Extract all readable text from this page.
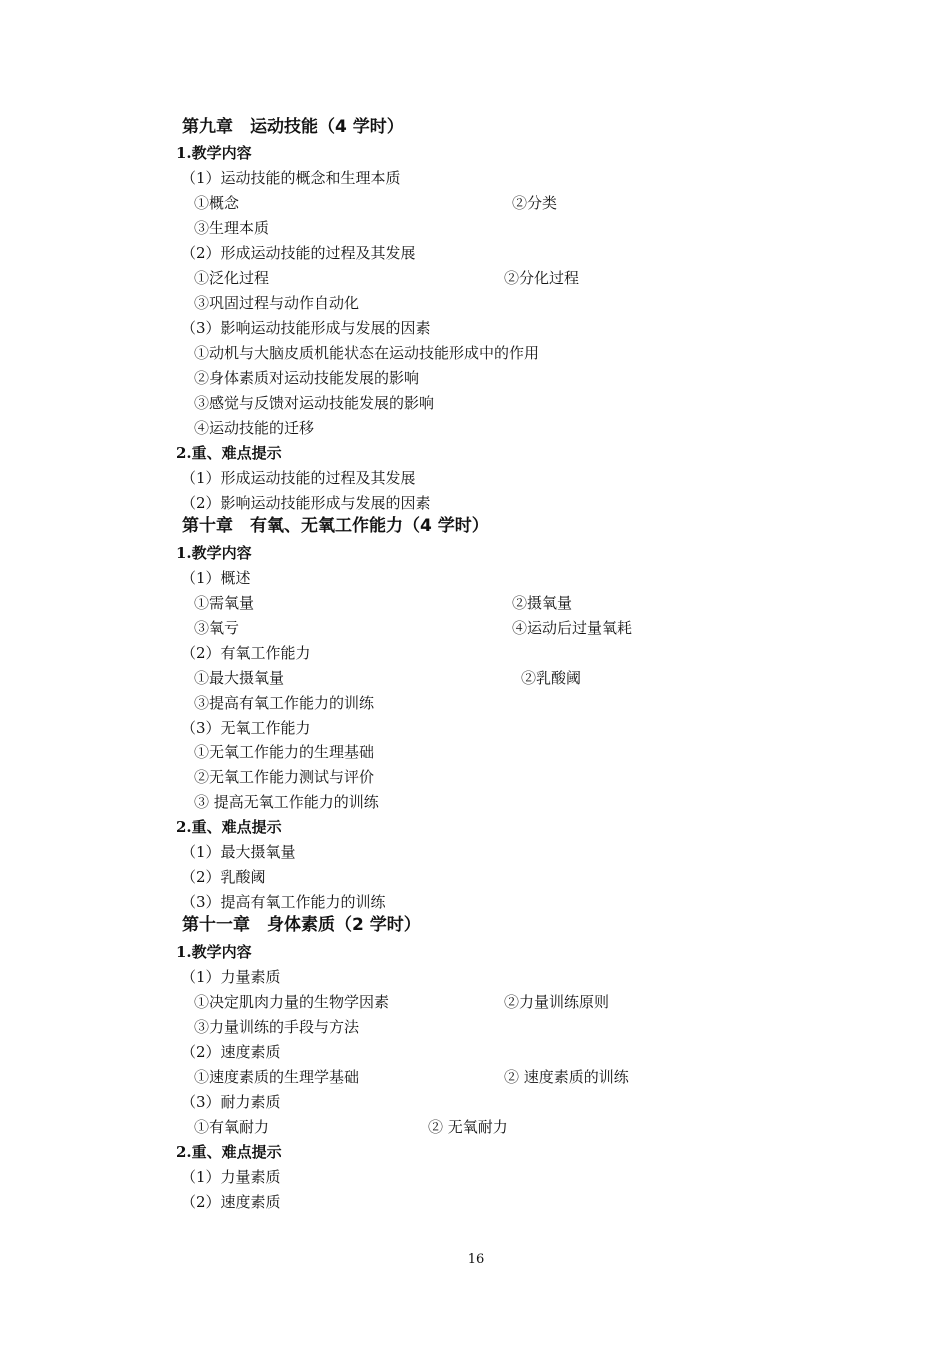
第九章　运动技能（4 学时）
1.教学内容
（1）运动技能的概念和生理本质
①概念	②分类
③生理本质
（2）形成运动技能的过程及其发展
①泛化过程	②分化过程
③巩固过程与动作自动化
（3）影响运动技能形成与发展的因素
①动机与大脑皮质机能状态在运动技能形成中的作用
②身体素质对运动技能发展的影响
③感觉与反馈对运动技能发展的影响
④运动技能的迁移
2.重、难点提示
（1）形成运动技能的过程及其发展
（2）影响运动技能形成与发展的因素
第十章　有氧、无氧工作能力（4 学时）
1.教学内容
（1）概述
①需氧量	②摄氧量
③氧亏	④运动后过量氧耗
（2）有氧工作能力
①最大摄氧量	②乳酸阈
③提高有氧工作能力的训练
（3）无氧工作能力
①无氧工作能力的生理基础
②无氧工作能力测试与评价
③ 提高无氧工作能力的训练
2.重、难点提示
（1）最大摄氧量
（2）乳酸阈
（3）提高有氧工作能力的训练
第十一章　身体素质（2 学时）
1.教学内容
（1）力量素质
①决定肌肉力量的生物学因素	②力量训练原则
③力量训练的手段与方法
（2）速度素质
①速度素质的生理学基础	② 速度素质的训练
（3）耐力素质
①有氧耐力	② 无氧耐力
2.重、难点提示
（1）力量素质
（2）速度素质
16
